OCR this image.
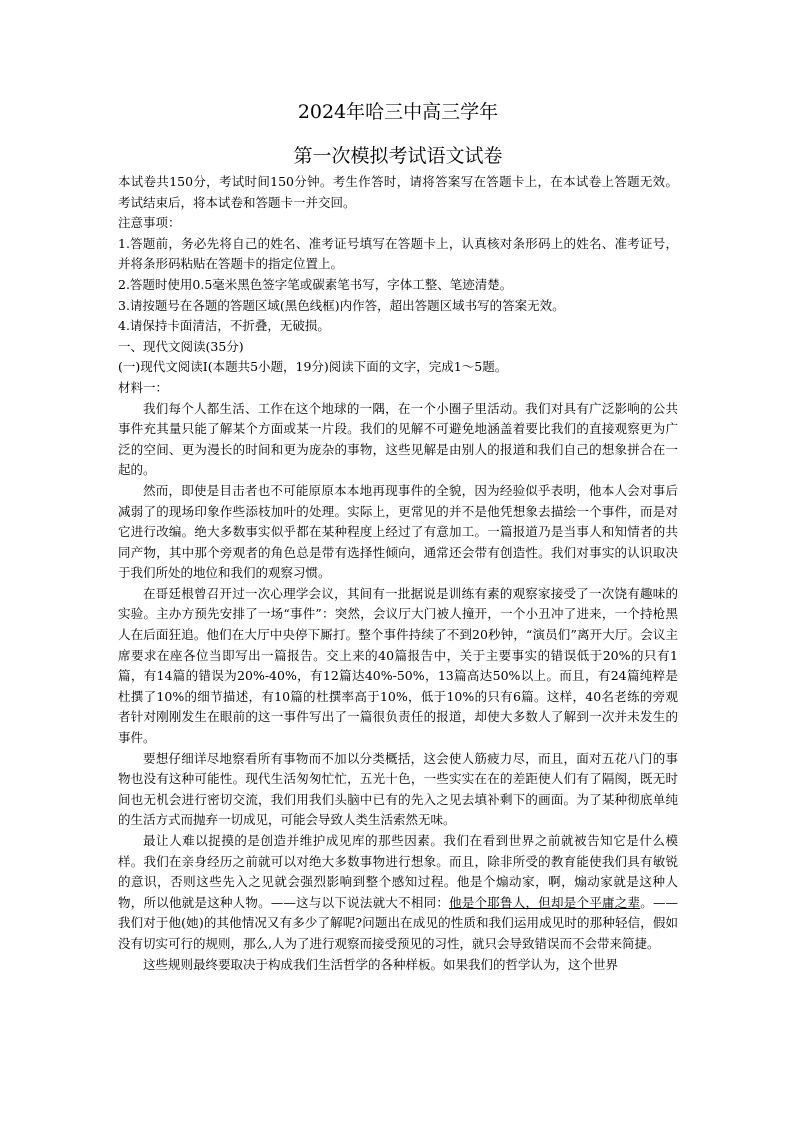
2024年哈三中高三学年
第一次模拟考试语文试卷

本试卷共150分，考试时间150分钟。考生作答时，请将答案写在答题卡上，在本试卷上答题无效。考试结束后，将本试卷和答题卡一并交回。

注意事项：

1.答题前，务必先将自己的姓名、准考证号填写在答题卡上，认真核对条形码上的姓名、准考证号，并将条形码粘贴在答题卡的指定位置上。

2.答题时使用0.5毫米黑色签字笔或碳素笔书写，字体工整、笔迹清楚。

3.请按题号在各题的答题区域(黑色线框)内作答，超出答题区域书写的答案无效。

4.请保持卡面清洁，不折叠，无破损。

一、现代文阅读(35分)

(一)现代文阅读I(本题共5小题，19分)阅读下面的文字，完成1～5题。

材料一：

我们每个人都生活、工作在这个地球的一隅，在一个小圈子里活动。我们对具有广泛影响的公共事件充其量只能了解某个方面或某一片段。我们的见解不可避免地涵盖着要比我们的直接观察更为广泛的空间、更为漫长的时间和更为庞杂的事物，这些见解是由别人的报道和我们自己的想象拼合在一起的。

然而，即使是目击者也不可能原原本本地再现事件的全貌，因为经验似乎表明，他本人会对事后减弱了的现场印象作些添枝加叶的处理。实际上，更常见的并不是他凭想象去描绘一个事件，而是对它进行改编。绝大多数事实似乎都在某种程度上经过了有意加工。一篇报道乃是当事人和知情者的共同产物，其中那个旁观者的角色总是带有选择性倾向，通常还会带有创造性。我们对事实的认识取决于我们所处的地位和我们的观察习惯。

在哥廷根曾召开过一次心理学会议，其间有一批据说是训练有素的观察家接受了一次饶有趣味的实验。主办方预先安排了一场“事件”：突然，会议厅大门被人撞开，一个小丑冲了进来，一个持枪黑人在后面狂追。他们在大厅中央停下厮打。整个事件持续了不到20秒钟，“演员们”离开大厅。会议主席要求在座各位当即写出一篇报告。交上来的40篇报告中，关于主要事实的错误低于20%的只有1篇，有14篇的错误为20%-40%，有12篇达40%-50%，13篇高达50%以上。而且，有24篇纯粹是杜撰了10%的细节描述，有10篇的杜撰率高于10%，低于10%的只有6篇。这样，40名老练的旁观者针对刚刚发生在眼前的这一事件写出了一篇很负责任的报道，却使大多数人了解到一次并未发生的事件。

要想仔细详尽地察看所有事物而不加以分类概括，这会使人筋疲力尽，而且，面对五花八门的事物也没有这种可能性。现代生活匆匆忙忙，五光十色，一些实实在在的差距使人们有了隔阂，既无时间也无机会进行密切交流，我们用我们头脑中已有的先入之见去填补剩下的画面。为了某种彻底单纯的生活方式而抛弃一切成见，可能会导致人类生活索然无味。

最让人难以捉摸的是创造并维护成见库的那些因素。我们在看到世界之前就被告知它是什么模样。我们在亲身经历之前就可以对绝大多数事物进行想象。而且，除非所受的教育能使我们具有敏锐的意识，否则这些先入之见就会强烈影响到整个感知过程。他是个煽动家，啊，煽动家就是这种人物，所以他就是这种人物。——这与以下说法就大不相同：他是个耶鲁人，但却是个平庸之辈。——我们对于他(她)的其他情况又有多少了解呢?问题出在成见的性质和我们运用成见时的那种轻信，假如没有切实可行的规则，那么,人为了进行观察而接受预见的习性，就只会导致错误而不会带来简捷。

这些规则最终要取决于构成我们生活哲学的各种样板。如果我们的哲学认为，这个世界
